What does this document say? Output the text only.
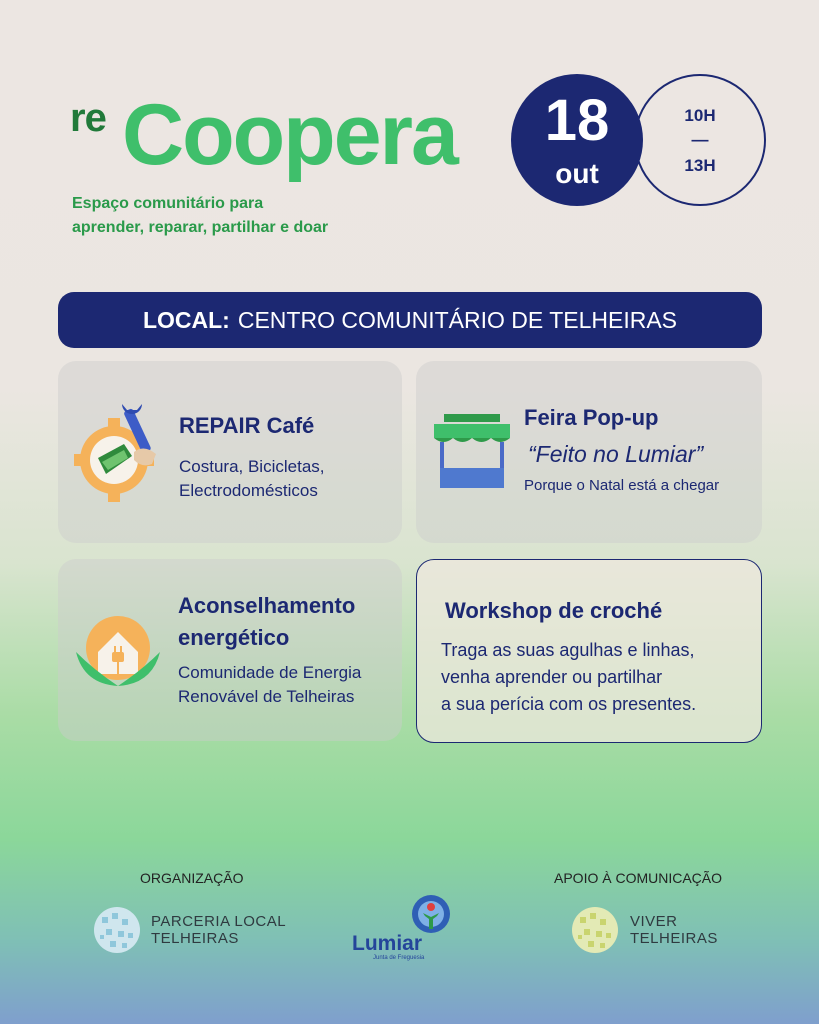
re Coopera
Espaço comunitário para
aprender, reparar, partilhar e doar
10H
—
13H
18
out
LOCAL: CENTRO COMUNITÁRIO DE TELHEIRAS
REPAIR Café
Costura, Bicicletas,
Electrodomésticos
Feira Pop-up
“Feito no Lumiar”
Porque o Natal está a chegar
Aconselhamento
energético
Comunidade de Energia
Renovável de Telheiras
Workshop de croché
Traga as suas agulhas e linhas,
venha aprender ou partilhar
a sua perícia com os presentes.
ORGANIZAÇÃO	APOIO À COMUNICAÇÃO
PARCERIA LOCAL
TELHEIRAS	Lumiar
Junta de Freguesia
VIVER
TELHEIRAS
